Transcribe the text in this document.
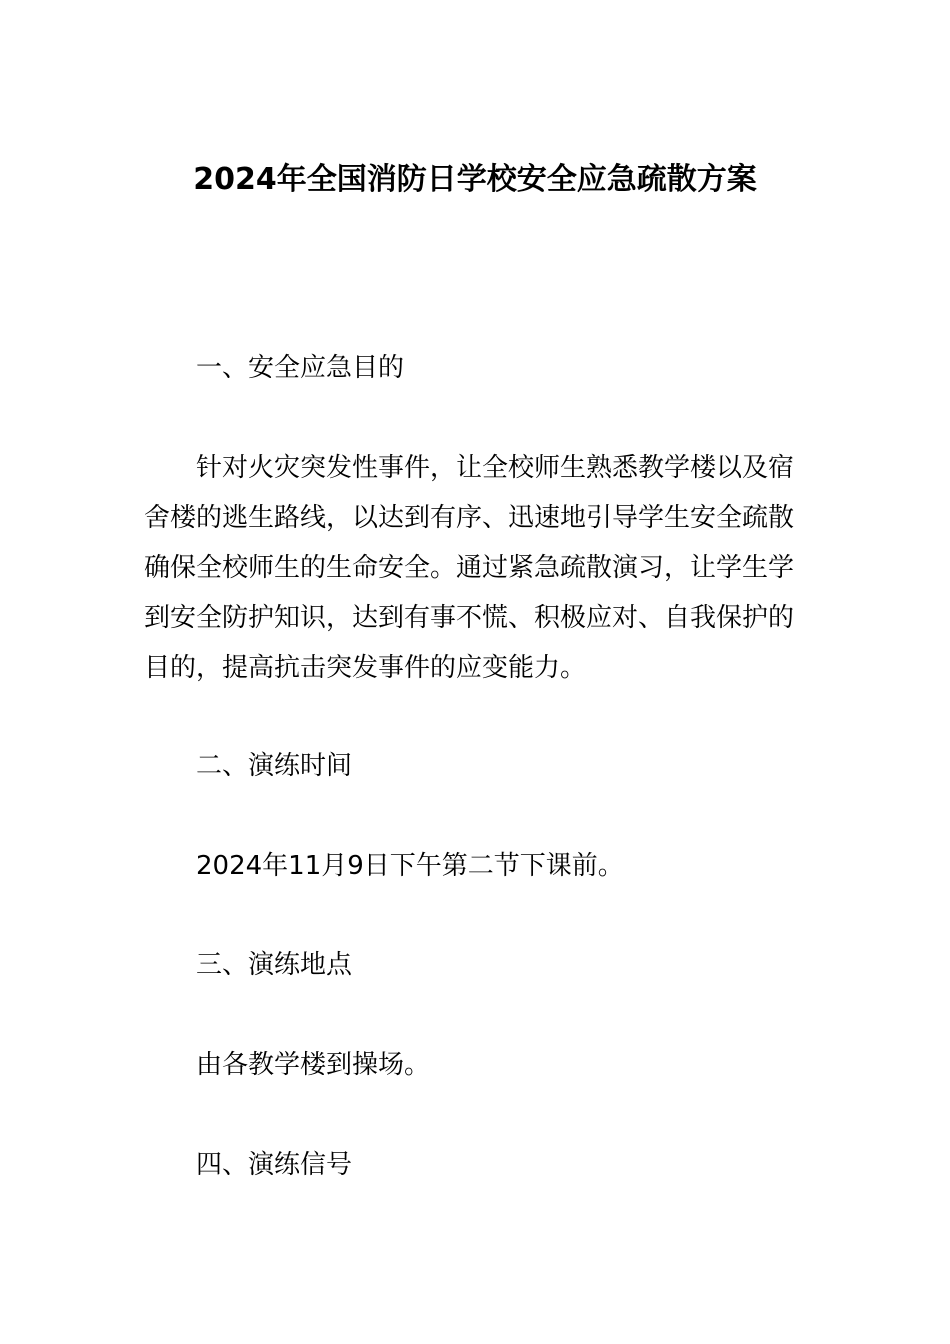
2024年全国消防日学校安全应急疏散方案
一、安全应急目的
针对火灾突发性事件，让全校师生熟悉教学楼以及宿
舍楼的逃生路线，以达到有序、迅速地引导学生安全疏散
确保全校师生的生命安全。通过紧急疏散演习，让学生学
到安全防护知识，达到有事不慌、积极应对、自我保护的
目的，提高抗击突发事件的应变能力。
二、演练时间
2024年11月9日下午第二节下课前。
三、演练地点
由各教学楼到操场。
四、演练信号
